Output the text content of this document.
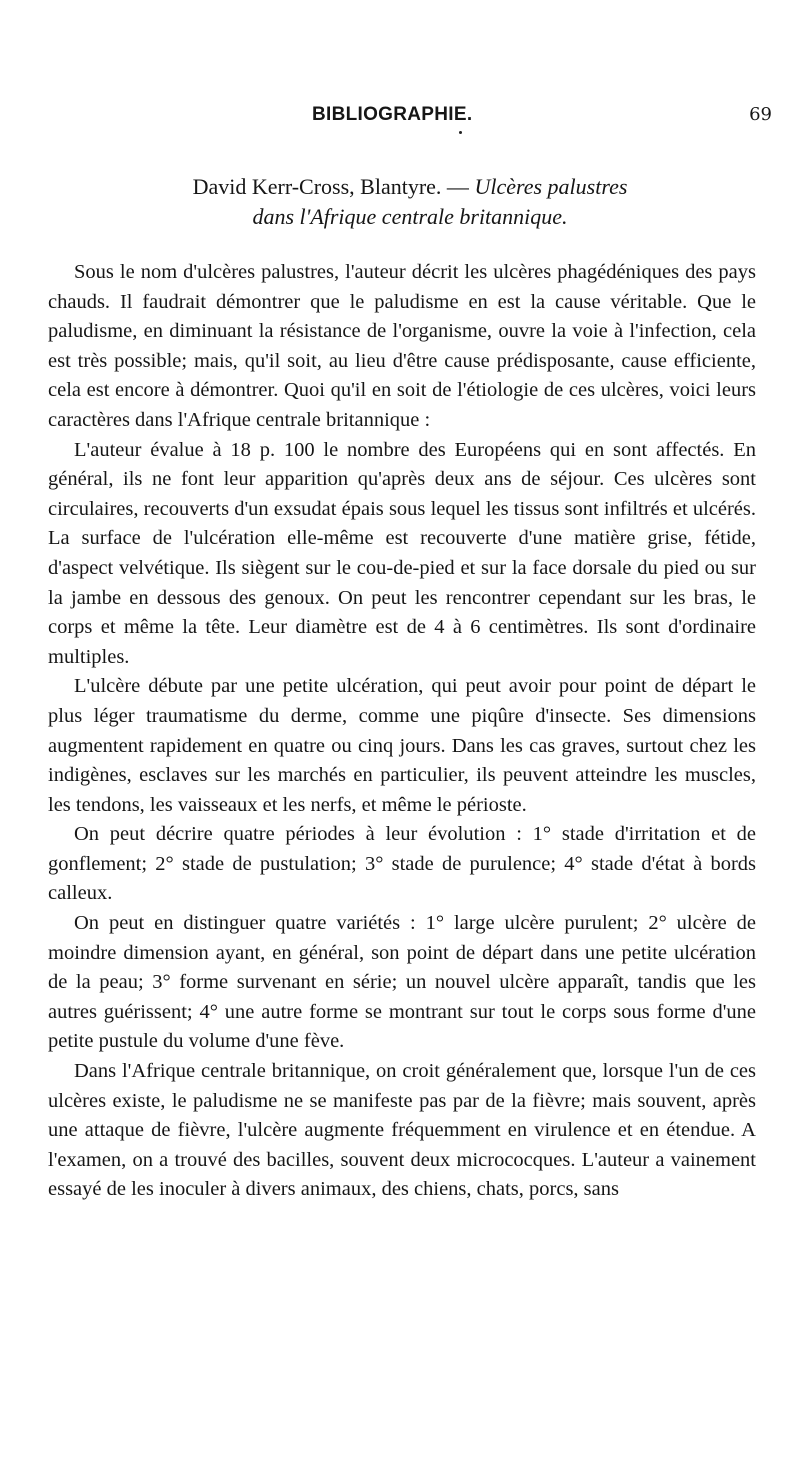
BIBLIOGRAPHIE.	69
David Kerr-Cross, Blantyre. — Ulcères palustres
dans l'Afrique centrale britannique.

Sous le nom d'ulcères palustres, l'auteur décrit les ulcères phagédéniques des pays chauds. Il faudrait démontrer que le paludisme en est la cause véritable. Que le paludisme, en diminuant la résistance de l'organisme, ouvre la voie à l'infection, cela est très possible; mais, qu'il soit, au lieu d'être cause prédisposante, cause efficiente, cela est encore à démontrer. Quoi qu'il en soit de l'étiologie de ces ulcères, voici leurs caractères dans l'Afrique centrale britannique :

L'auteur évalue à 18 p. 100 le nombre des Européens qui en sont affectés. En général, ils ne font leur apparition qu'après deux ans de séjour. Ces ulcères sont circulaires, recouverts d'un exsudat épais sous lequel les tissus sont infiltrés et ulcérés. La surface de l'ulcération elle-même est recouverte d'une matière grise, fétide, d'aspect velvétique. Ils siègent sur le cou-de-pied et sur la face dorsale du pied ou sur la jambe en dessous des genoux. On peut les rencontrer cependant sur les bras, le corps et même la tête. Leur diamètre est de 4 à 6 centimètres. Ils sont d'ordinaire multiples.

L'ulcère débute par une petite ulcération, qui peut avoir pour point de départ le plus léger traumatisme du derme, comme une piqûre d'insecte. Ses dimensions augmentent rapidement en quatre ou cinq jours. Dans les cas graves, surtout chez les indigènes, esclaves sur les marchés en particulier, ils peuvent atteindre les muscles, les tendons, les vaisseaux et les nerfs, et même le périoste.

On peut décrire quatre périodes à leur évolution : 1° stade d'irritation et de gonflement; 2° stade de pustulation; 3° stade de purulence; 4° stade d'état à bords calleux.

On peut en distinguer quatre variétés : 1° large ulcère purulent; 2° ulcère de moindre dimension ayant, en général, son point de départ dans une petite ulcération de la peau; 3° forme survenant en série; un nouvel ulcère apparaît, tandis que les autres guérissent; 4° une autre forme se montrant sur tout le corps sous forme d'une petite pustule du volume d'une fève.

Dans l'Afrique centrale britannique, on croit généralement que, lorsque l'un de ces ulcères existe, le paludisme ne se manifeste pas par de la fièvre; mais souvent, après une attaque de fièvre, l'ulcère augmente fréquemment en virulence et en étendue. A l'examen, on a trouvé des bacilles, souvent deux micrococques. L'auteur a vainement essayé de les inoculer à divers animaux, des chiens, chats, porcs, sans
